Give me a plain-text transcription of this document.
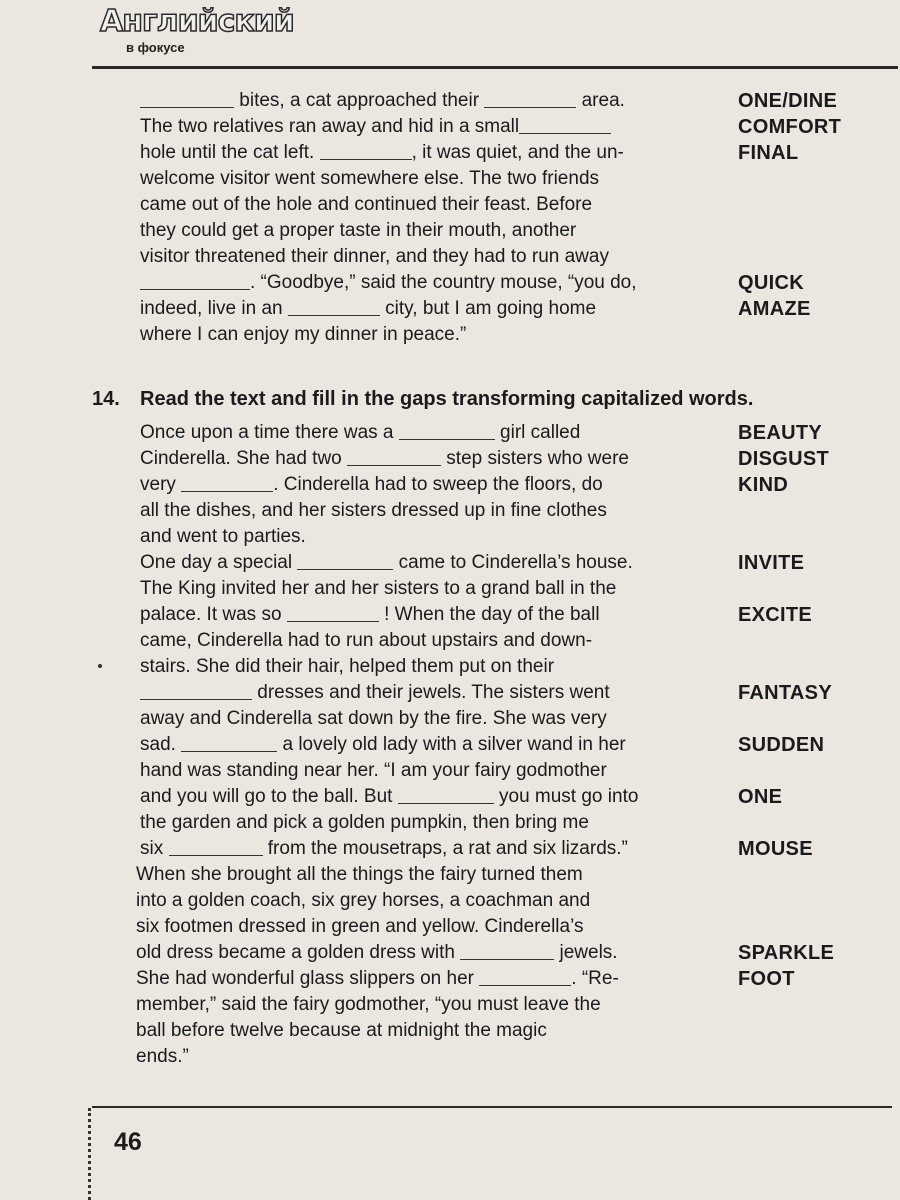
Английский
в фокусе
bites, a cat approached their	area.
The two relatives ran away and hid in a small
hole until the cat left.	, it was quiet, and the un-
welcome visitor went somewhere else. The two friends
came out of the hole and continued their feast. Before
they could get a proper taste in their mouth, another
visitor threatened their dinner, and they had to run away
. “Goodbye,” said the country mouse, “you do,
indeed, live in an	city, but I am going home
where I can enjoy my dinner in peace.”
ONE/DINE
COMFORT
FINAL
QUICK
AMAZE
14. Read the text and fill in the gaps transforming capitalized words.
Once upon a time there was a	girl called
Cinderella. She had two	step sisters who were
very	. Cinderella had to sweep the floors, do
all the dishes, and her sisters dressed up in fine clothes
and went to parties.
One day a special	came to Cinderella’s house.
The King invited her and her sisters to a grand ball in the
palace. It was so	! When the day of the ball
came, Cinderella had to run about upstairs and down-
stairs. She did their hair, helped them put on their
dresses and their jewels. The sisters went
away and Cinderella sat down by the fire. She was very
sad.	a lovely old lady with a silver wand in her
hand was standing near her. “I am your fairy godmother
and you will go to the ball. But	you must go into
the garden and pick a golden pumpkin, then bring me
six	from the mousetraps, a rat and six lizards.”
When she brought all the things the fairy turned them
into a golden coach, six grey horses, a coachman and
six footmen dressed in green and yellow. Cinderella’s
old dress became a golden dress with	jewels.
She had wonderful glass slippers on her	. “Re-
member,” said the fairy godmother, “you must leave the
ball before twelve because at midnight the magic
ends.”
BEAUTY
DISGUST
KIND
INVITE
EXCITE
FANTASY
SUDDEN
ONE
MOUSE
SPARKLE
FOOT
46
